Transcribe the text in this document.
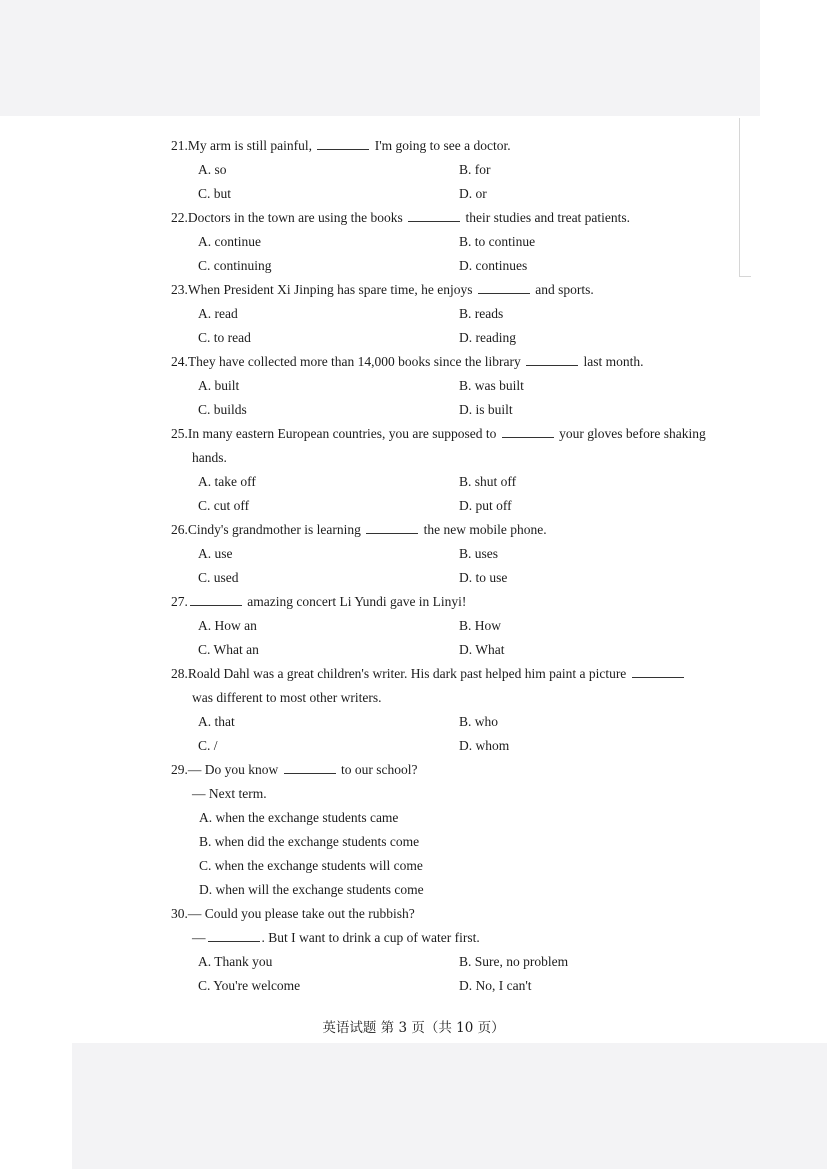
21.My arm is still painful,	I'm going to see a doctor.
A. so	B. for
C. but	D. or
22.Doctors in the town are using the books	their studies and treat patients.
A. continue	B. to continue
C. continuing	D. continues
23.When President Xi Jinping has spare time, he enjoys	and sports.
A. read	B. reads
C. to read	D. reading
24.They have collected more than 14,000 books since the library	last month.
A. built	B. was built
C. builds	D. is built
25.In many eastern European countries, you are supposed to	your gloves before shaking
hands.
A. take off	B. shut off
C. cut off	D. put off
26.Cindy's grandmother is learning	the new mobile phone.
A. use	B. uses
C. used	D. to use
27.	amazing concert Li Yundi gave in Linyi!
A. How an	B. How
C. What an	D. What
28.Roald Dahl was a great children's writer. His dark past helped him paint a picture
was different to most other writers.
A. that	B. who
C. /	D. whom
29.— Do you know	to our school?
— Next term.
A. when the exchange students came
B. when did the exchange students come
C. when the exchange students will come
D. when will the exchange students come
30.— Could you please take out the rubbish?
—	. But I want to drink a cup of water first.
A. Thank you	B. Sure, no problem
C. You're welcome	D. No, I can't
英语试题 第 3 页（共 10 页）
